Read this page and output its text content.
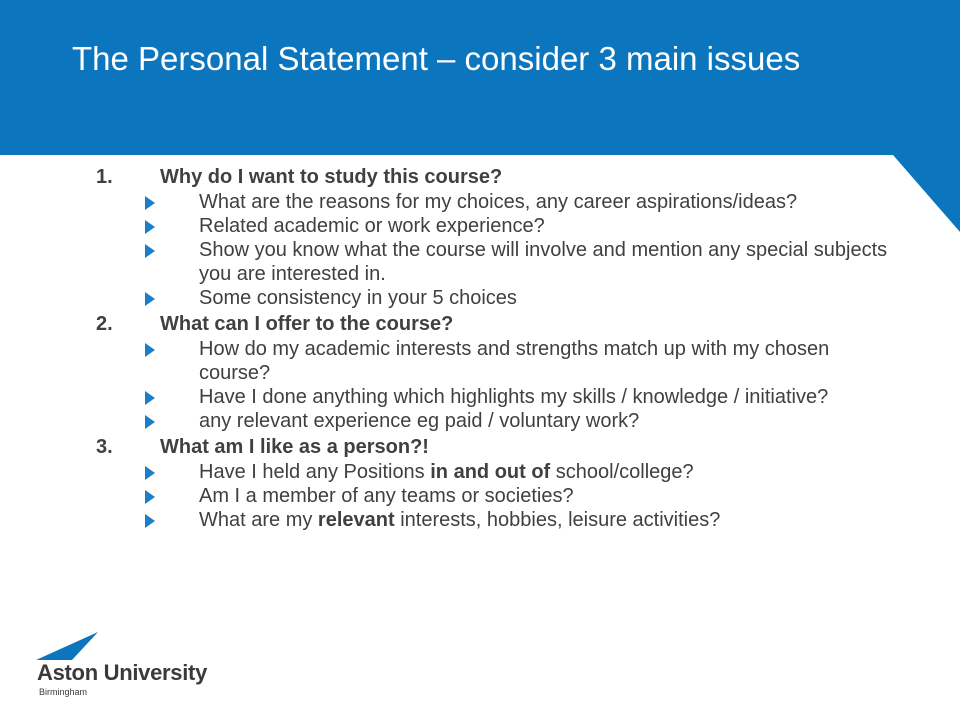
The Personal Statement – consider 3 main issues
1.	Why do I want to study this course?
What are the reasons for my choices, any career aspirations/ideas?
Related academic or work experience?
Show you know what the course will involve and mention any special subjects you are interested in.
Some consistency in your 5 choices
2.	What can I offer to the course?
How do my academic interests and strengths match up with my chosen course?
Have I done anything which highlights my skills / knowledge / initiative?
any relevant experience eg paid / voluntary work?
3.	What am I like as a person?!
Have I held any Positions in and out of school/college?
Am I a member of any teams or societies?
What are my relevant interests, hobbies, leisure activities?
Aston University
Birmingham
